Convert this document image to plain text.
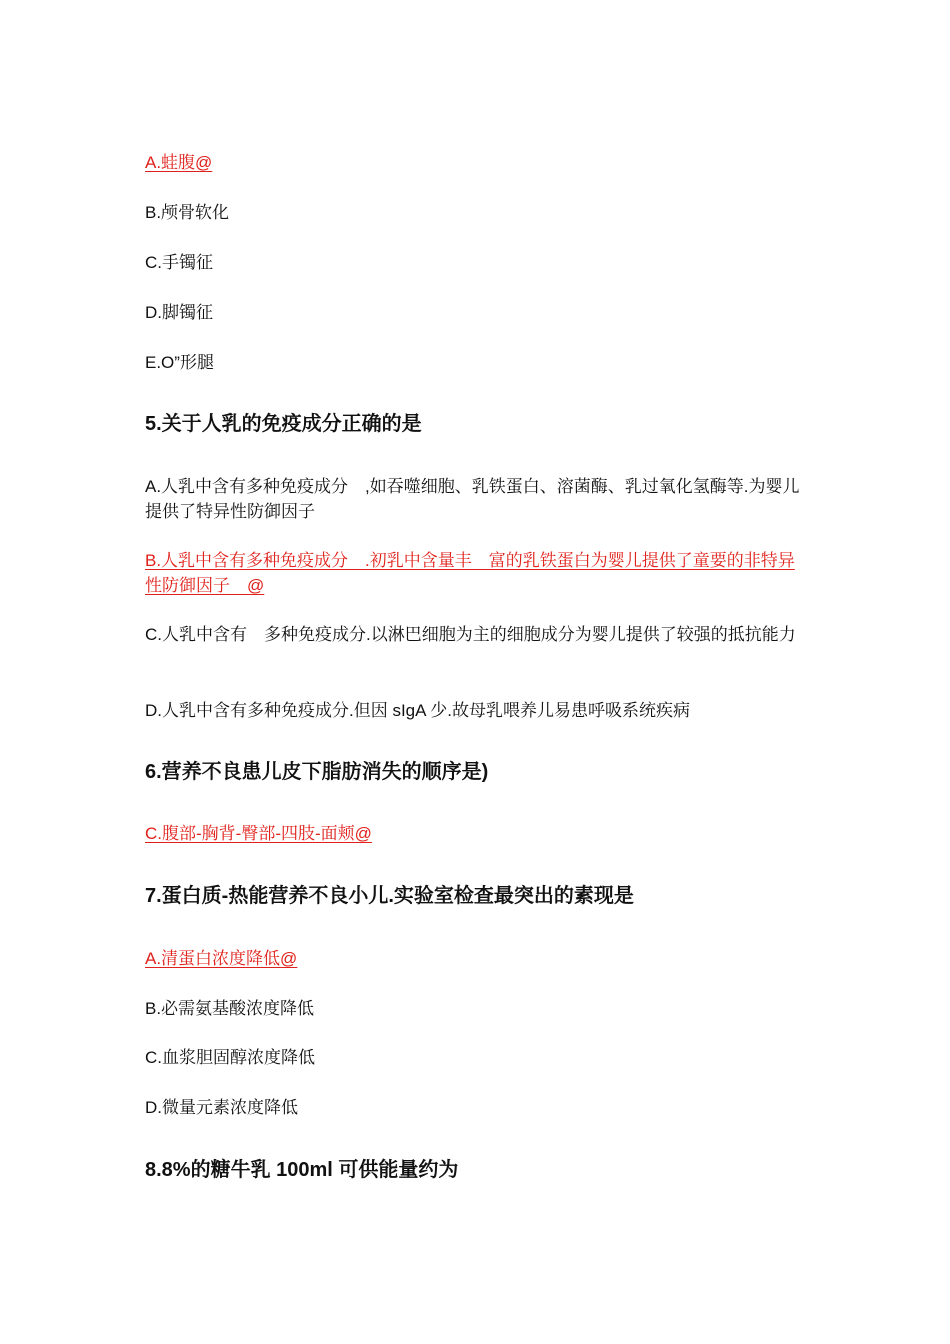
A.蛙腹@
B.颅骨软化
C.手镯征
D.脚镯征
E.O”形腿
5.关于人乳的免疫成分正确的是
A.人乳中含有多种免疫成分　,如吞噬细胞、乳铁蛋白、溶菌酶、乳过氧化氢酶等.为婴儿提供了特异性防御因子
B.人乳中含有多种免疫成分　.初乳中含量丰　富的乳铁蛋白为婴儿提供了童要的非特异性防御因子　@
C.人乳中含有　多种免疫成分.以淋巴细胞为主的细胞成分为婴儿提供了较强的抵抗能力
D.人乳中含有多种免疫成分.但因 sIgA 少.故母乳喂养儿易患呼吸系统疾病
6.营养不良患儿皮下脂肪消失的顺序是)
C.腹部-胸背-臀部-四肢-面颊@
7.蛋白质-热能营养不良小儿.实验室检查最突出的素现是
A.清蛋白浓度降低@
B.必需氨基酸浓度降低
C.血浆胆固醇浓度降低
D.微量元素浓度降低
8.8%的糖牛乳 100ml 可供能量约为
